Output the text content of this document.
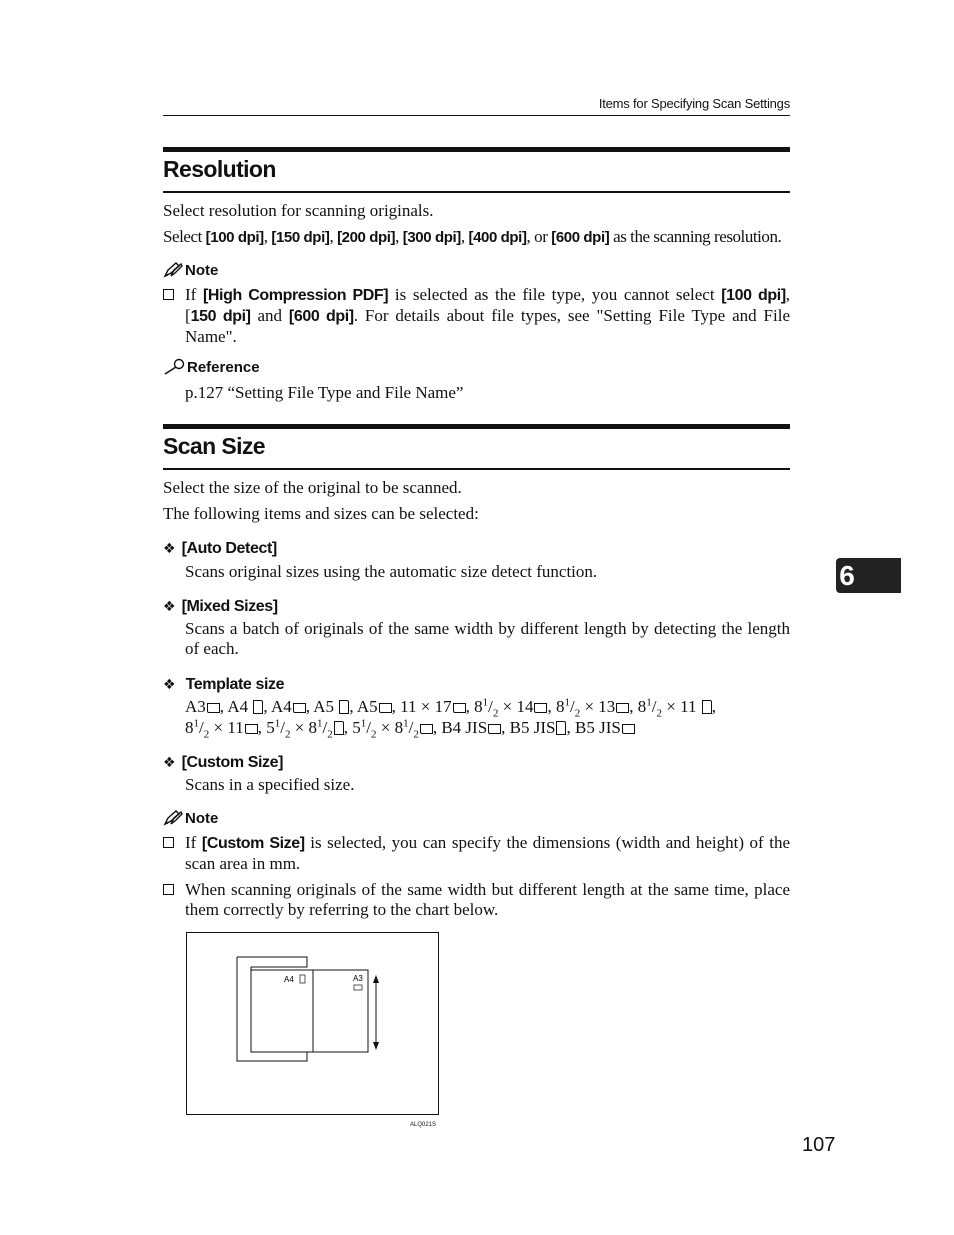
Items for Specifying Scan Settings
6
Resolution
Select resolution for scanning originals.
Select [100 dpi], [150 dpi], [200 dpi], [300 dpi], [400 dpi], or [600 dpi] as the scanning resolution.
Note
If [High Compression PDF] is selected as the file type, you cannot select [100 dpi], [150 dpi] and [600 dpi]. For details about file types, see "Setting File Type and File Name".
Reference
p.127 “Setting File Type and File Name”
Scan Size
Select the size of the original to be scanned.
The following items and sizes can be selected:
❖ [Auto Detect]
Scans original sizes using the automatic size detect function.
❖ [Mixed Sizes]
Scans a batch of originals of the same width by different length by detecting the length of each.
❖ Template size
A3 , A4 , A4 , A5 , A5 , 11 × 17 , $8^1/_2 \times 14$ , $8^1/_2 \times 13$ , $8^1/_2 \times 11$ ,
$8^1/_2 \times 11$ , $5^1/_2 \times 8^1/_2$ , $5^1/_2 \times 8^1/_2$ , B4 JIS , B5 JIS , B5 JIS
❖ [Custom Size]
Scans in a specified size.
Note
If [Custom Size] is selected, you can specify the dimensions (width and height) of the scan area in mm.
When scanning originals of the same width but different length at the same time, place them correctly by referring to the chart below.
A4	A3
ALQ021S
107
